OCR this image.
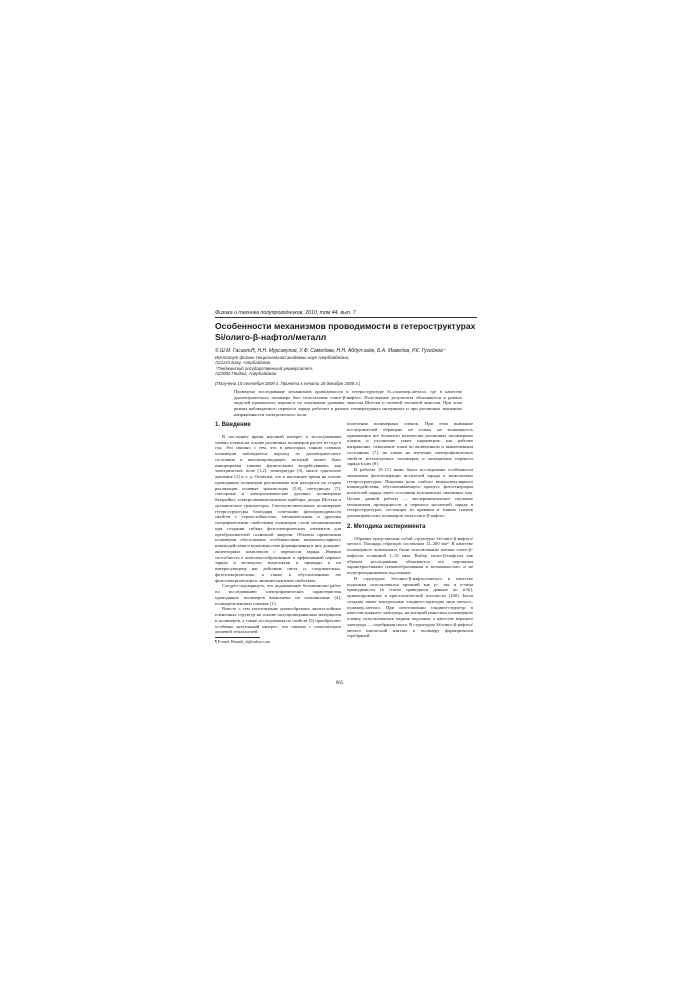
Физика и техника полупроводников, 2010, том 44, вып. 7
Особенности механизмов проводимости в гетероструктурах
Si/олиго-β-нафтол/металл
© Ш.М. Гасанли¶, Н.Н. Мурсакулов, У.Ф. Самедова, Н.Н. Абдул-заде, Б.А. Мамедов, Р.К. Гусейнов⁺
Институт физики Национальной академии наук Азербайджана,
AZ1143 Баку, Азербайджан
⁺Гянджинский государственный университет,
AZ2000 Гянджа, Азербайджан
(Получена 15 сентября 2009 г. Принята к печати 18 декабря 2009 г.)
Проведено исследование механизмов проводимости в гетероструктуре Si–полимер–металл, где в качестве диэлектрического полимера был использован олиго-β-нафтол. Полученные результаты объясняются в рамках моделей прыжкового переноса по локальным уровням, эмиссии Шоттки и полевой тепловой эмиссии. При этом режим наблюдаемого переноса заряда работает в разных температурных интервалах и при различных значениях напряжённости электрического поля.
1. Введение
В последнее время научный интерес к исследованиям тонких пленок на основе различных полимеров растет из года в год. Это связано с тем, что в некоторых тонких пленках полимеров наблюдается переход из диэлектрического состояния в высокопроводящее, который может быть инициирован такими физическими воздействиями, как электрическое поле [1,2], температура [3], малое одноосное давление [2] и т. д. Отметим, что в настоящее время на основе проводящих полимеров реализованы или находятся на стадии реализации полевые транзисторы [5,6], светодиоды [7], сенсорные и электрохимические датчики, полимерные батарейки, электролюминесцентные приборы, диоды Шоттки и органические транзисторы. Светочувствительные полимерные гетероструктуры благодаря сочетанию фотопроводимости свойств с термостойкостью, механическими и другими специфическими свойствами полимеров стали незаменимыми при создании гибких фотоэлектрических элементов для преобразователей солнечной энергии. Объекты применения полимеров обусловлены особенностями межмолекулярного взаимодействия и возможностью формирования в них донорно-акцепторных комплексов с переносом заряда. Именно способность к комплексообразованию и эффективный перенос заряда в молекулах комплексов и приводят к их интересующему нас действию света, и, следовательно, фотоэлектрическим, а также к обусловленным ею фотоэлектрическим и люминесцентным свойствам.
Следует подчеркнуть, что подавляющее большинство работ по исследованию электрофизических характеристик проводящих полимеров выполнено на полианилине [4], полиацетиленовых пленках [1].
Вместе с тем изготовление разнообразных многослойных пленочных структур на основе полупроводниковых материалов и полимеров, а также исследования их свойств [5] приобретают особенно актуальный интерес, что связано с относительно дешевой технологией
¶ E-mail: Hasanli_sh@yahoo.com
получения полимерных пленок. При этом внимание исследователей обращено не только на возможность применения все большего количества различных полимерных пленок и улучшение таких параметров, как рабочее напряжение, отношение токов во включенном и выключенном состояниях [7], но также на изучение электрофизических свойств используемых полимеров и механизмов переноса заряда в них [8].
В работах [9–11] нами были исследованы особенности механизма фотогенерации носителей заряда в межслоевых гетероструктурах. Показана роль слабого межмолекулярного взаимодействия, обусловливающего процесс фотогенерации носителей заряда через состояния кулоновских связанных пар. Целью данной работы — экспериментальное изучение механизмов проводимости и переноса носителей заряда в гетероструктурах, состоящих из кремния и тонких пленок диэлектрических полимеров типа олиго-β-нафтол.
2. Методика эксперимента
Образцы представляли собой структуры Si/олиго-β-нафтол/металл. Площадь образцов составляла 12–200 мм². В качестве полимерного компонента были использованы пленки олиго-β-нафтола толщиной 1–10 мкм. Выбор олиго-β-нафтола как объекта исследования объясняется его хорошими характеристиками пленкообразования и возможностью, и не полупроводниковым подложкам.
В структурах Si/олиго-β-нафтол/металл в качестве подложки использовался кремний как p-, так и n-типа проводимости (в статье приводятся данные по n-Si), ориентированные в кристаллической плоскости (100). Были созданы также контрольные сэндвич-структуры типа металл–полимер–металл. При изготовлении сэндвич-структур в качестве нижнего электрода, на который наносили полимерную пленку, использовались медная подложка, а качестве верхнего электрода — серебряная паста. В структурах Si/олиго-β-нафтол/металл омический контакт к полимеру формировался серебряной
865
